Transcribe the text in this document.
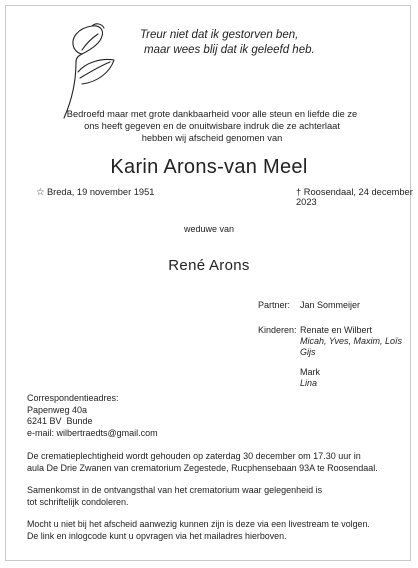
Treur niet dat ik gestorven ben,
maar wees blij dat ik geleefd heb.
Bedroefd maar met grote dankbaarheid voor alle steun en liefde die ze
ons heeft gegeven en de onuitwisbare indruk die ze achterlaat
hebben wij afscheid genomen van
Karin Arons-van Meel
☆ Breda, 19 november 1951	† Roosendaal, 24 december 2023
weduwe van
René Arons
Partner: Jan Sommeijer
Kinderen: Renate en Wilbert
Micah, Yves, Maxim, Loïs
Gijs
Mark
Lina
Correspondentieadres:
Papenweg 40a
6241 BV  Bunde
e-mail: wilbertraedts@gmail.com
De crematieplechtigheid wordt gehouden op zaterdag 30 december om 17.30 uur in
aula De Drie Zwanen van crematorium Zegestede, Rucphensebaan 93A te Roosendaal.
Samenkomst in de ontvangsthal van het crematorium waar gelegenheid is
tot schriftelijk condoleren.
Mocht u niet bij het afscheid aanwezig kunnen zijn is deze via een livestream te volgen.
De link en inlogcode kunt u opvragen via het mailadres hierboven.
